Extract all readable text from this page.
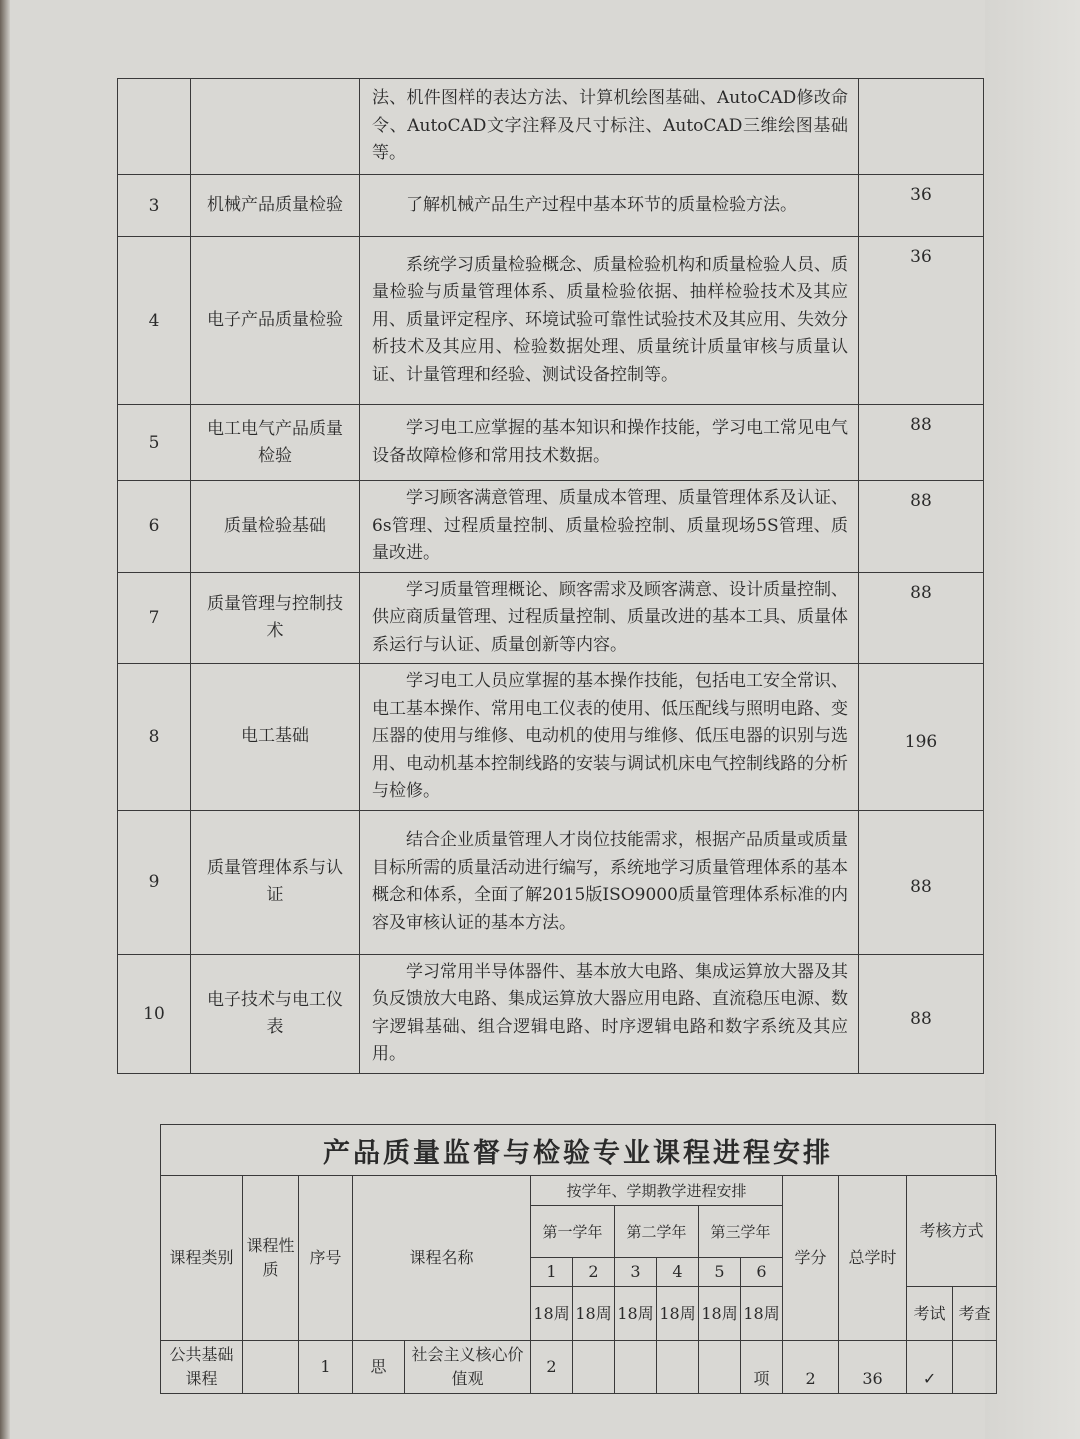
		法、机件图样的表达方法、计算机绘图基础、AutoCAD修改命令、AutoCAD文字注释及尺寸标注、AutoCAD三维绘图基础等。	
3	机械产品质量检验	了解机械产品生产过程中基本环节的质量检验方法。	36
4	电子产品质量检验	系统学习质量检验概念、质量检验机构和质量检验人员、质量检验与质量管理体系、质量检验依据、抽样检验技术及其应用、质量评定程序、环境试验可靠性试验技术及其应用、失效分析技术及其应用、检验数据处理、质量统计质量审核与质量认证、计量管理和经验、测试设备控制等。	36
5	电工电气产品质量检验	学习电工应掌握的基本知识和操作技能，学习电工常见电气设备故障检修和常用技术数据。	88
6	质量检验基础	学习顾客满意管理、质量成本管理、质量管理体系及认证、6s管理、过程质量控制、质量检验控制、质量现场5S管理、质量改进。	88
7	质量管理与控制技术	学习质量管理概论、顾客需求及顾客满意、设计质量控制、供应商质量管理、过程质量控制、质量改进的基本工具、质量体系运行与认证、质量创新等内容。	88
8	电工基础	学习电工人员应掌握的基本操作技能，包括电工安全常识、电工基本操作、常用电工仪表的使用、低压配线与照明电路、变压器的使用与维修、电动机的使用与维修、低压电器的识别与选用、电动机基本控制线路的安装与调试机床电气控制线路的分析与检修。	196
9	质量管理体系与认证	结合企业质量管理人才岗位技能需求，根据产品质量或质量目标所需的质量活动进行编写，系统地学习质量管理体系的基本概念和体系，全面了解2015版ISO9000质量管理体系标准的内容及审核认证的基本方法。	88
10	电子技术与电工仪表	学习常用半导体器件、基本放大电路、集成运算放大器及其负反馈放大电路、集成运算放大器应用电路、直流稳压电源、数字逻辑基础、组合逻辑电路、时序逻辑电路和数字系统及其应用。	88
产品质量监督与检验专业课程进程安排
课程类别	课程性质	序号	课程名称		按学年、学期教学进程安排						学分	总学时	考核方式	
					第一学年		第二学年		第三学年					
					1	2	3	4	5	6				
					18周	18周	18周	18周	18周	18周			考试	考查

公共基础课程		1	思	社会主义核心价值观	2					项	2	36	✓	
